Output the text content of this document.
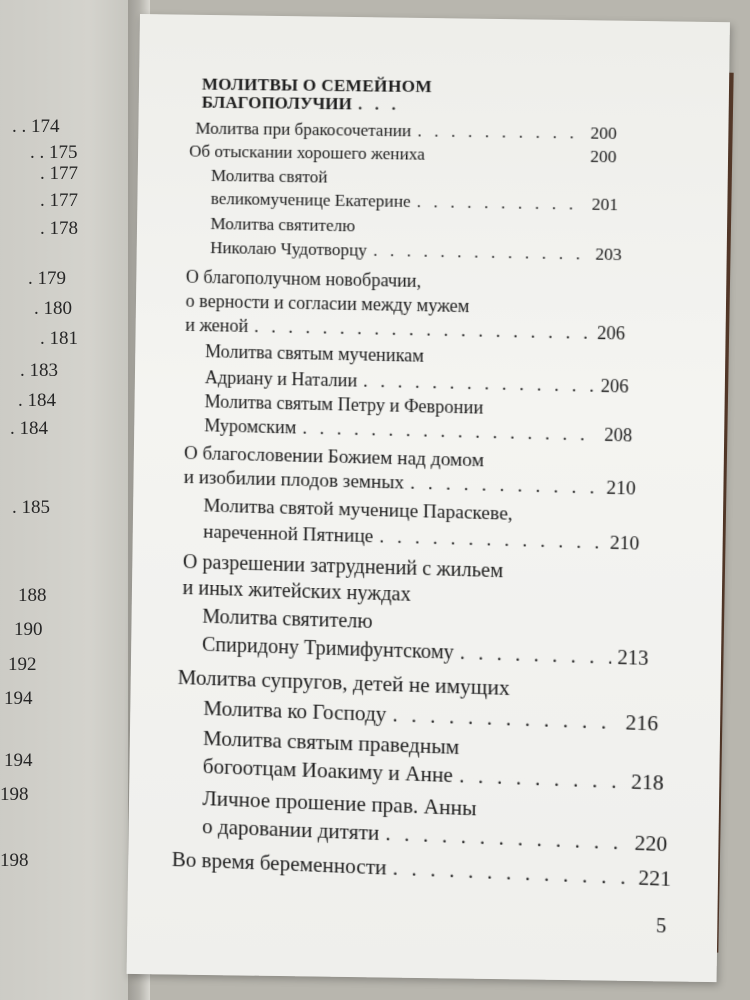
. . 174
. . 175
. 177
. 177
. 178
. 179
. 180
. 181
. 183
. 184
. 184
. 185
188
190
192
194
194
198
198
МОЛИТВЫ О СЕМЕЙНОМ
БЛАГОПОЛУЧИИ
. . .
Молитва при бракосочетании . . .	200
Об отыскании хорошего жениха	200
Молитва святой
великомученице Екатерине . . .	201
Молитва святителю
Николаю Чудотворцу . . .	203
О благополучном новобрачии,
о верности и согласии между мужем
и женой . . .	206
Молитва святым мученикам
Адриану и Наталии . . .	206
Молитва святым Петру и Февронии
Муромским . . .	208
О благословении Божием над домом
и изобилии плодов земных . . .	210
Молитва святой мученице Параскеве,
нареченной Пятнице . . .	210
О разрешении затруднений с жильем
и иных житейских нуждах
Молитва святителю
Спиридону Тримифунтскому . . .	213
Молитва супругов, детей не имущих
Молитва ко Господу . . .	216
Молитва святым праведным
богоотцам Иоакиму и Анне . . .	218
Личное прошение прав. Анны
о даровании дитяти . . .	220
Во время беременности . . .	221
5
